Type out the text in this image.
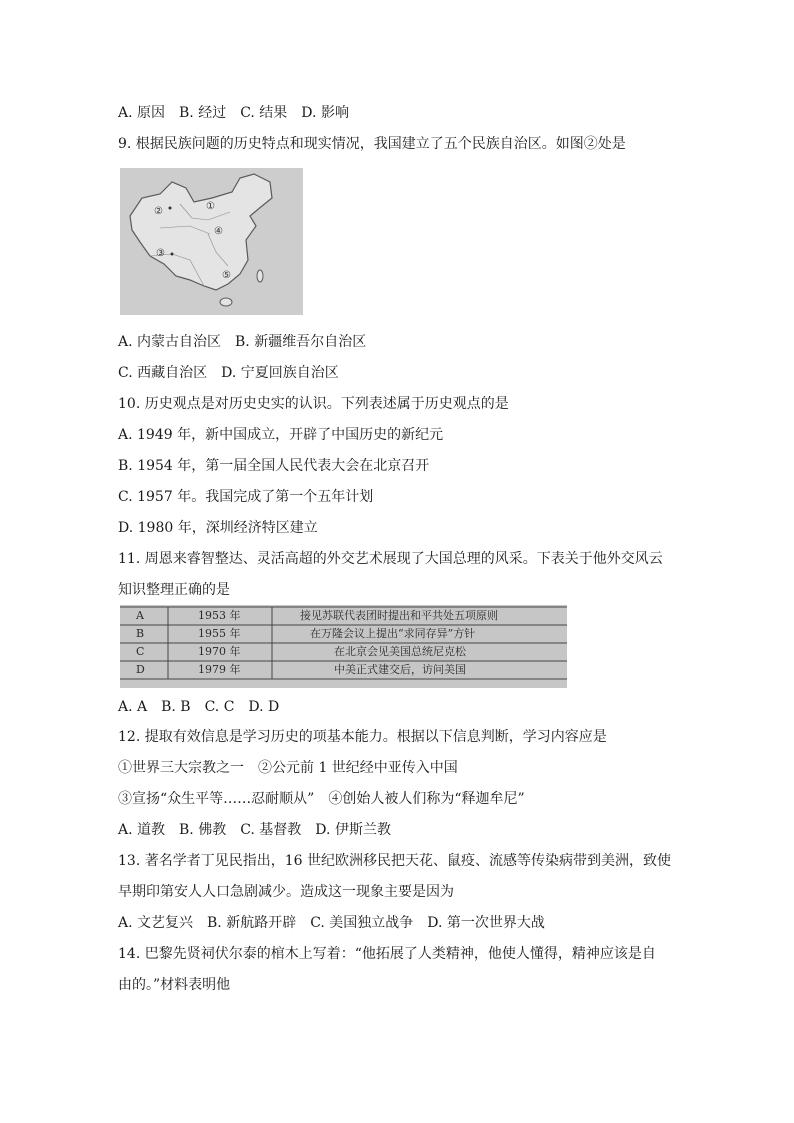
A. 原因　B. 经过　C. 结果　D. 影响
9. 根据民族问题的历史特点和现实情况，我国建立了五个民族自治区。如图②处是
①
②
③
④
⑤
A. 内蒙古自治区　B. 新疆维吾尔自治区
C. 西藏自治区　D. 宁夏回族自治区
10. 历史观点是对历史史实的认识。下列表述属于历史观点的是
A. 1949 年，新中国成立，开辟了中国历史的新纪元
B. 1954 年，第一届全国人民代表大会在北京召开
C. 1957 年。我国完成了第一个五年计划
D. 1980 年，深圳经济特区建立
11. 周恩来睿智整达、灵活高超的外交艺术展现了大国总理的风采。下表关于他外交风云
知识整理正确的是
A	1953 年	接见苏联代表团时提出和平共处五项原则
B	1955 年	在万隆会议上提出“求同存异”方针
C	1970 年	在北京会见美国总统尼克松
D	1979 年	中美正式建交后，访问美国
A. A　B. B　C. C　D. D
12. 提取有效信息是学习历史的项基本能力。根据以下信息判断，学习内容应是
①世界三大宗教之一　②公元前 1 世纪经中亚传入中国
③宣扬“众生平等……忍耐顺从”　④创始人被人们称为“释迦牟尼”
A. 道教　B. 佛教　C. 基督教　D. 伊斯兰教
13. 著名学者丁见民指出，16 世纪欧洲移民把天花、鼠疫、流感等传染病带到美洲，致使
早期印第安人人口急剧减少。造成这一现象主要是因为
A. 文艺复兴　B. 新航路开辟　C. 美国独立战争　D. 第一次世界大战
14. 巴黎先贤祠伏尔泰的棺木上写着：“他拓展了人类精神，他使人懂得，精神应该是自
由的。”材料表明他
